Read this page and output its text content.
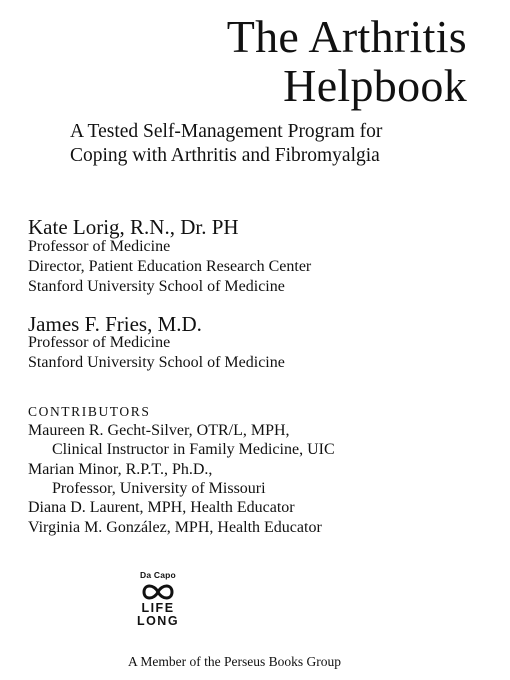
The Arthritis
Helpbook
A Tested Self-Management Program for
Coping with Arthritis and Fibromyalgia
Kate Lorig, R.N., Dr. PH
Professor of Medicine
Director, Patient Education Research Center
Stanford University School of Medicine
James F. Fries, M.D.
Professor of Medicine
Stanford University School of Medicine
CONTRIBUTORS
Maureen R. Gecht-Silver, OTR/L, MPH,
Clinical Instructor in Family Medicine, UIC
Marian Minor, R.P.T., Ph.D.,
Professor, University of Missouri
Diana D. Laurent, MPH, Health Educator
Virginia M. González, MPH, Health Educator
Da Capo
LIFE
LONG
A Member of the Perseus Books Group
